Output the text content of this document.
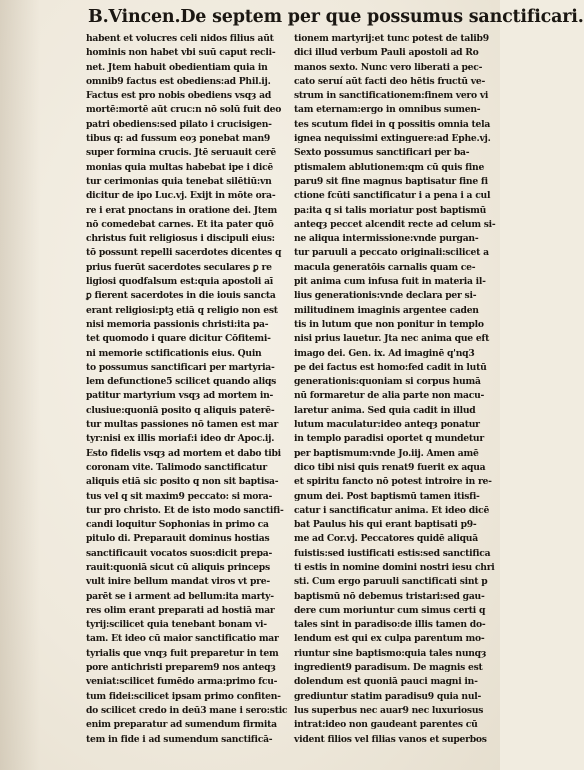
B.Vincen.De septem per que possumus sanctificari.
habent et volucres celi nidos filius aūt
hominis non habet vbi suū caput recli-
net. Jtem habuit obedientiam quia in
omnib9 factus est obediens:ad Phil.ij.
Factus est pro nobis obediens vsqȝ ad
mortē:mortē aūt cruc:n nō solū fuit deo
patri obediens:sed pilato i crucisigen-
tibus q: ad fussum eoȝ ponebat man9
super formina crucis. Jtē seruauit cerē
monias quia multas habebat ipe i dicē
tur cerimonias quia tenebat silētiū:vn
dicitur de ipo Luc.vj. Exijt in mōte ora-
re i erat pnoctans in oratione dei. Jtem
nō comedebat carnes. Et ita pater quō
christus fuit religiosus i discipuli eius:
tō possunt repelli sacerdotes dicentes q
prius fuerūt sacerdotes seculares ꝑ re
ligiosi quodfalsum est:quia apostoli aī
ꝑ fierent sacerdotes in die iouis sancta
erant religiosi:ptꝫ etiā q religio non est
nisi memoria passionis christi:ita pa-
tet quomodo i quare dicitur Cōfitemi-
ni memorie sctificationis eius. Quin
to possumus sanctificari per martyria-
lem defunctione5 scilicet quando aliqs
patitur martyrium vsqȝ ad mortem in-
clusiue:quoniā posito q aliquis paterē-
tur multas passiones nō tamen est mar
tyr:nisi ex illis moriaf:i ideo dr Apoc.ij.
Esto fidelis vsqȝ ad mortem et dabo tibi
coronam vite. Talimodo sanctificatur
aliquis etiā sic posito q non sit baptisa-
tus vel q sit maxim9 peccato: si mora-
tur pro christo. Et de isto modo sanctifi-
candi loquitur Sophonias in primo ca
pitulo di. Preparauit dominus hostias
sanctificauit vocatos suos:dicit prepa-
rauit:quoniā sicut cū aliquis princeps
vult inire bellum mandat viros vt pre-
parēt se i arment ad bellum:ita marty-
res olim erant preparati ad hostiā mar
tyrij:scilicet quia tenebant bonam vi-
tam. Et ideo cū maior sanctificatio mar
tyrialis que vnqȝ fuit preparetur in tem
pore antichristi preparem9 nos anteqȝ
veniat:scilicet fumēdo arma:primo fcu-
tum fidei:scilicet ipsam primo confiten-
do scilicet credo in deū3 mane i sero:stic
enim preparatur ad sumendum firmita
tem in fide i ad sumendum sanctificā-
tionem martyrij:et tunc potest de talib9
dici illud verbum Pauli apostoli ad Ro
manos sexto. Nunc vero liberati a pec-
cato seruí aūt facti deo hētis fructū ve-
strum in sanctificationem:finem vero vi
tam eternam:ergo in omnibus sumen-
tes scutum fidei in q possitis omnia tela
ignea nequissimi extinguere:ad Ephe.vj.
Sexto possumus sanctificari per ba-
ptismalem ablutionem:qm cū quis fine
paru9 sit fine magnus baptisatur fine fi
ctione fcūti sanctificatur i a pena i a cul
pa:ita q si talis moriatur post baptismū
anteqȝ peccet alcendit recte ad celum si-
ne aliqua intermissione:vnde purgan-
tur paruuli a peccato originali:scilicet a
macula generatōis carnalis quam ce-
pit anima cum infusa fuit in materia il-
lius generationis:vnde declara per si-
militudinem imaginis argentee caden
tis in lutum que non ponitur in templo
nisi prius lauetur. Jta nec anima que eft
imago dei. Gen. ix. Ad imaginē q'nq3
pe dei factus est homo:fed cadit in lutū
generationis:quoniam si corpus humā
nū formaretur de alia parte non macu-
laretur anima. Sed quia cadit in illud
lutum maculatur:ideo anteqȝ ponatur
in templo paradisi oportet q mundetur
per baptismum:vnde Jo.iij. Amen amē
dico tibi nisi quis renat9 fuerit ex aqua
et spiritu fancto nō potest introire in re-
gnum dei. Post baptismū tamen itisfi-
catur i sanctificatur anima. Et ideo dicē
bat Paulus his qui erant baptisati p9-
me ad Cor.vj. Peccatores quidē aliquā
fuistis:sed iustificati estis:sed sanctifica
ti estis in nomine domini nostri iesu chri
sti. Cum ergo paruuli sanctificati sint p
baptismū nō debemus tristari:sed gau-
dere cum moriuntur cum simus certi q
tales sint in paradiso:de illis tamen do-
lendum est qui ex culpa parentum mo-
riuntur sine baptismo:quia tales nunqȝ
ingredient9 paradisum. De magnis est
dolendum est quoniā pauci magni in-
grediuntur statim paradisu9 quia nul-
lus superbus nec auar9 nec luxuriosus
intrat:ideo non gaudeant parentes cū
vident filios vel filias vanos et superbos
